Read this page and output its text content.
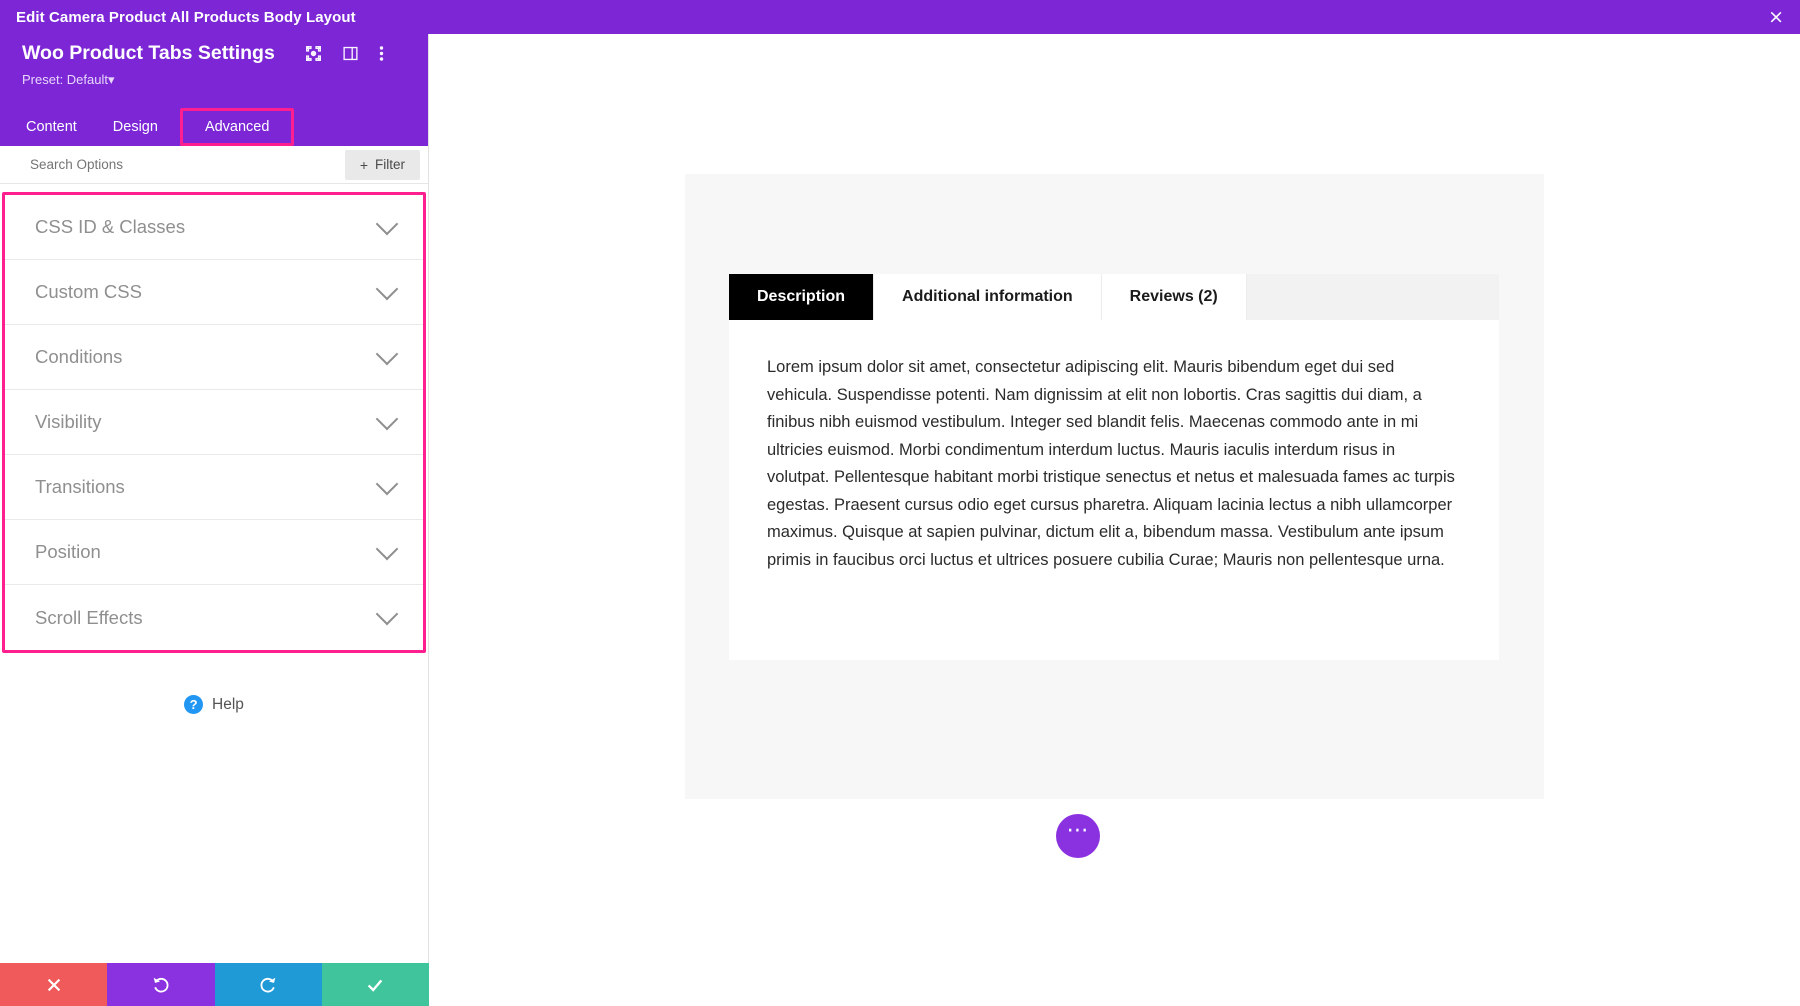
Edit Camera Product All Products Body Layout	×
Woo Product Tabs Settings
Preset: Default▾
Content	Design	Advanced
Search Options
+ Filter
CSS ID & Classes
Custom CSS
Conditions
Visibility
Transitions
Position
Scroll Effects
? Help
Description	Additional information	Reviews (2)

Lorem ipsum dolor sit amet, consectetur adipiscing elit. Mauris bibendum eget dui sed vehicula. Suspendisse potenti. Nam dignissim at elit non lobortis. Cras sagittis dui diam, a finibus nibh euismod vestibulum. Integer sed blandit felis. Maecenas commodo ante in mi ultricies euismod. Morbi condimentum interdum luctus. Mauris iaculis interdum risus in volutpat. Pellentesque habitant morbi tristique senectus et netus et malesuada fames ac turpis egestas. Praesent cursus odio eget cursus pharetra. Aliquam lacinia lectus a nibh ullamcorper maximus. Quisque at sapien pulvinar, dictum elit a, bibendum massa. Vestibulum ante ipsum primis in faucibus orci luctus et ultrices posuere cubilia Curae; Mauris non pellentesque urna.

⋯
